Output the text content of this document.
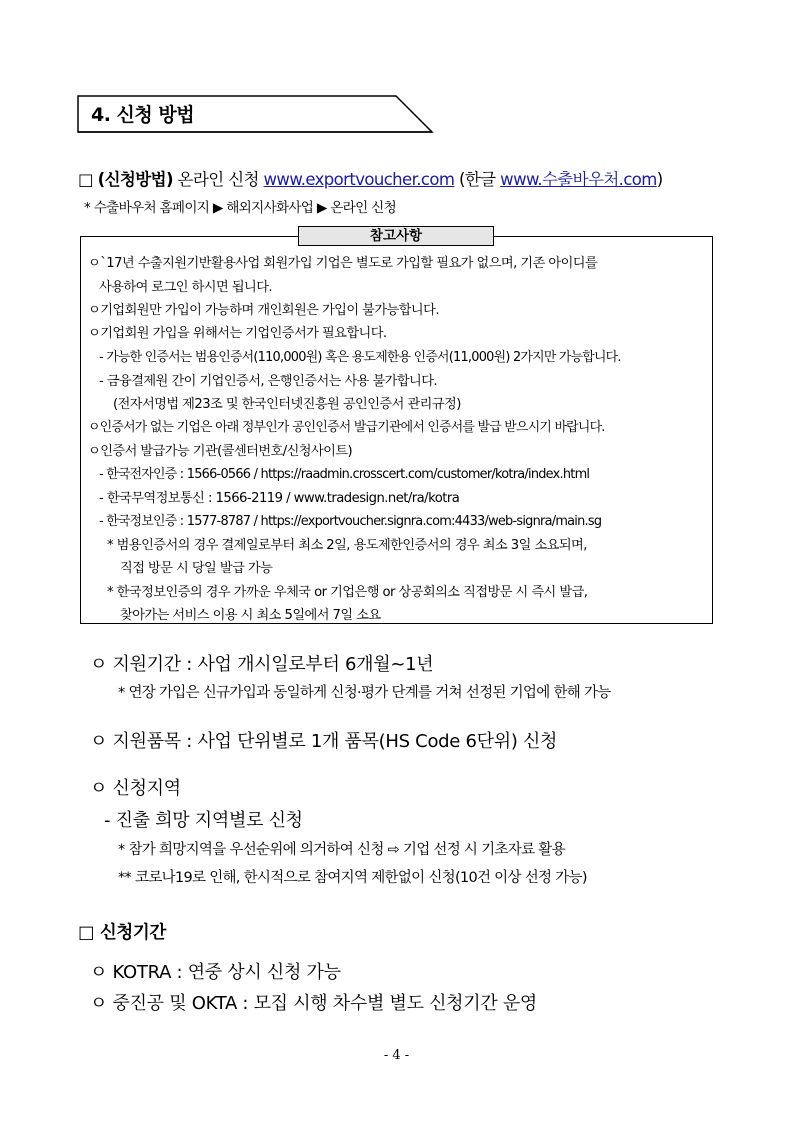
4. 신청 방법
□ (신청방법) 온라인 신청 www.exportvoucher.com (한글 www.수출바우처.com)
* 수출바우처 홈페이지 ▶ 해외지사화사업 ▶ 온라인 신청
참고사항
ㅇ`17년 수출지원기반활용사업 회원가입 기업은 별도로 가입할 필요가 없으며, 기존 아이디를
사용하여 로그인 하시면 됩니다.
ㅇ기업회원만 가입이 가능하며 개인회원은 가입이 불가능합니다.
ㅇ기업회원 가입을 위해서는 기업인증서가 필요합니다.
- 가능한 인증서는 범용인증서(110,000원) 혹은 용도제한용 인증서(11,000원) 2가지만 가능합니다.
- 금융결제원 간이 기업인증서, 은행인증서는 사용 불가합니다.
(전자서명법 제23조 및 한국인터넷진흥원 공인인증서 관리규정)
ㅇ인증서가 없는 기업은 아래 정부인가 공인인증서 발급기관에서 인증서를 발급 받으시기 바랍니다.
ㅇ인증서 발급가능 기관(콜센터번호/신청사이트)
- 한국전자인증 : 1566-0566 / https://raadmin.crosscert.com/customer/kotra/index.html
- 한국무역정보통신 : 1566-2119 / www.tradesign.net/ra/kotra
- 한국정보인증 : 1577-8787 / https://exportvoucher.signra.com:4433/web-signra/main.sg
* 범용인증서의 경우 결제일로부터 최소 2일, 용도제한인증서의 경우 최소 3일 소요되며,
직접 방문 시 당일 발급 가능
* 한국정보인증의 경우 가까운 우체국 or 기업은행 or 상공회의소 직접방문 시 즉시 발급,
찾아가는 서비스 이용 시 최소 5일에서 7일 소요
ㅇ 지원기간 : 사업 개시일로부터 6개월~1년
* 연장 가입은 신규가입과 동일하게 신청·평가 단계를 거쳐 선정된 기업에 한해 가능
ㅇ 지원품목 : 사업 단위별로 1개 품목(HS Code 6단위) 신청
ㅇ 신청지역
- 진출 희망 지역별로 신청
* 참가 희망지역을 우선순위에 의거하여 신청 ⇨ 기업 선정 시 기초자료 활용
** 코로나19로 인해, 한시적으로 참여지역 제한없이 신청(10건 이상 선정 가능)
□ 신청기간
ㅇ KOTRA : 연중 상시 신청 가능
ㅇ 중진공 및 OKTA : 모집 시행 차수별 별도 신청기간 운영
- 4 -
